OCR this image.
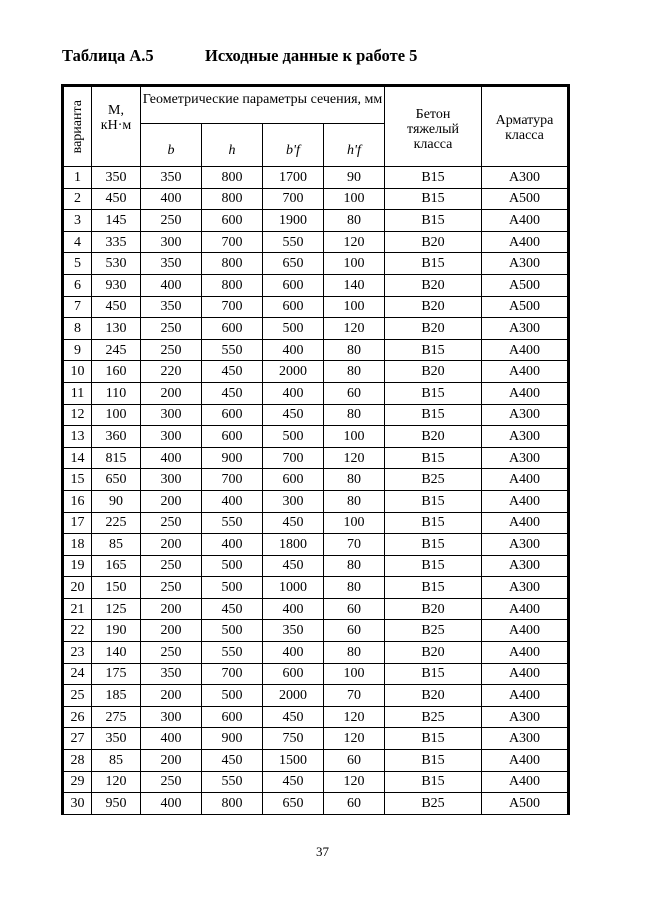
Таблица А.5	Исходные данные к работе 5
варианта	М, кН·м	Геометрические параметры сечения, мм				Бетон тяжелый класса	Арматура класса

		b	h	b'f	h'f		
1	350	350	800	1700	90	B15	A300
2	450	400	800	700	100	B15	A500
3	145	250	600	1900	80	B15	A400
4	335	300	700	550	120	B20	A400
5	530	350	800	650	100	B15	A300
6	930	400	800	600	140	B20	A500
7	450	350	700	600	100	B20	A500
8	130	250	600	500	120	B20	A300
9	245	250	550	400	80	B15	A400
10	160	220	450	2000	80	B20	A400
11	110	200	450	400	60	B15	A400
12	100	300	600	450	80	B15	A300
13	360	300	600	500	100	B20	A300
14	815	400	900	700	120	B15	A300
15	650	300	700	600	80	B25	A400
16	90	200	400	300	80	B15	A400
17	225	250	550	450	100	B15	A400
18	85	200	400	1800	70	B15	A300
19	165	250	500	450	80	B15	A300
20	150	250	500	1000	80	B15	A300
21	125	200	450	400	60	B20	A400
22	190	200	500	350	60	B25	A400
23	140	250	550	400	80	B20	A400
24	175	350	700	600	100	B15	A400
25	185	200	500	2000	70	B20	A400
26	275	300	600	450	120	B25	A300
27	350	400	900	750	120	B15	A300
28	85	200	450	1500	60	B15	A400
29	120	250	550	450	120	B15	A400
30	950	400	800	650	60	B25	A500
37
